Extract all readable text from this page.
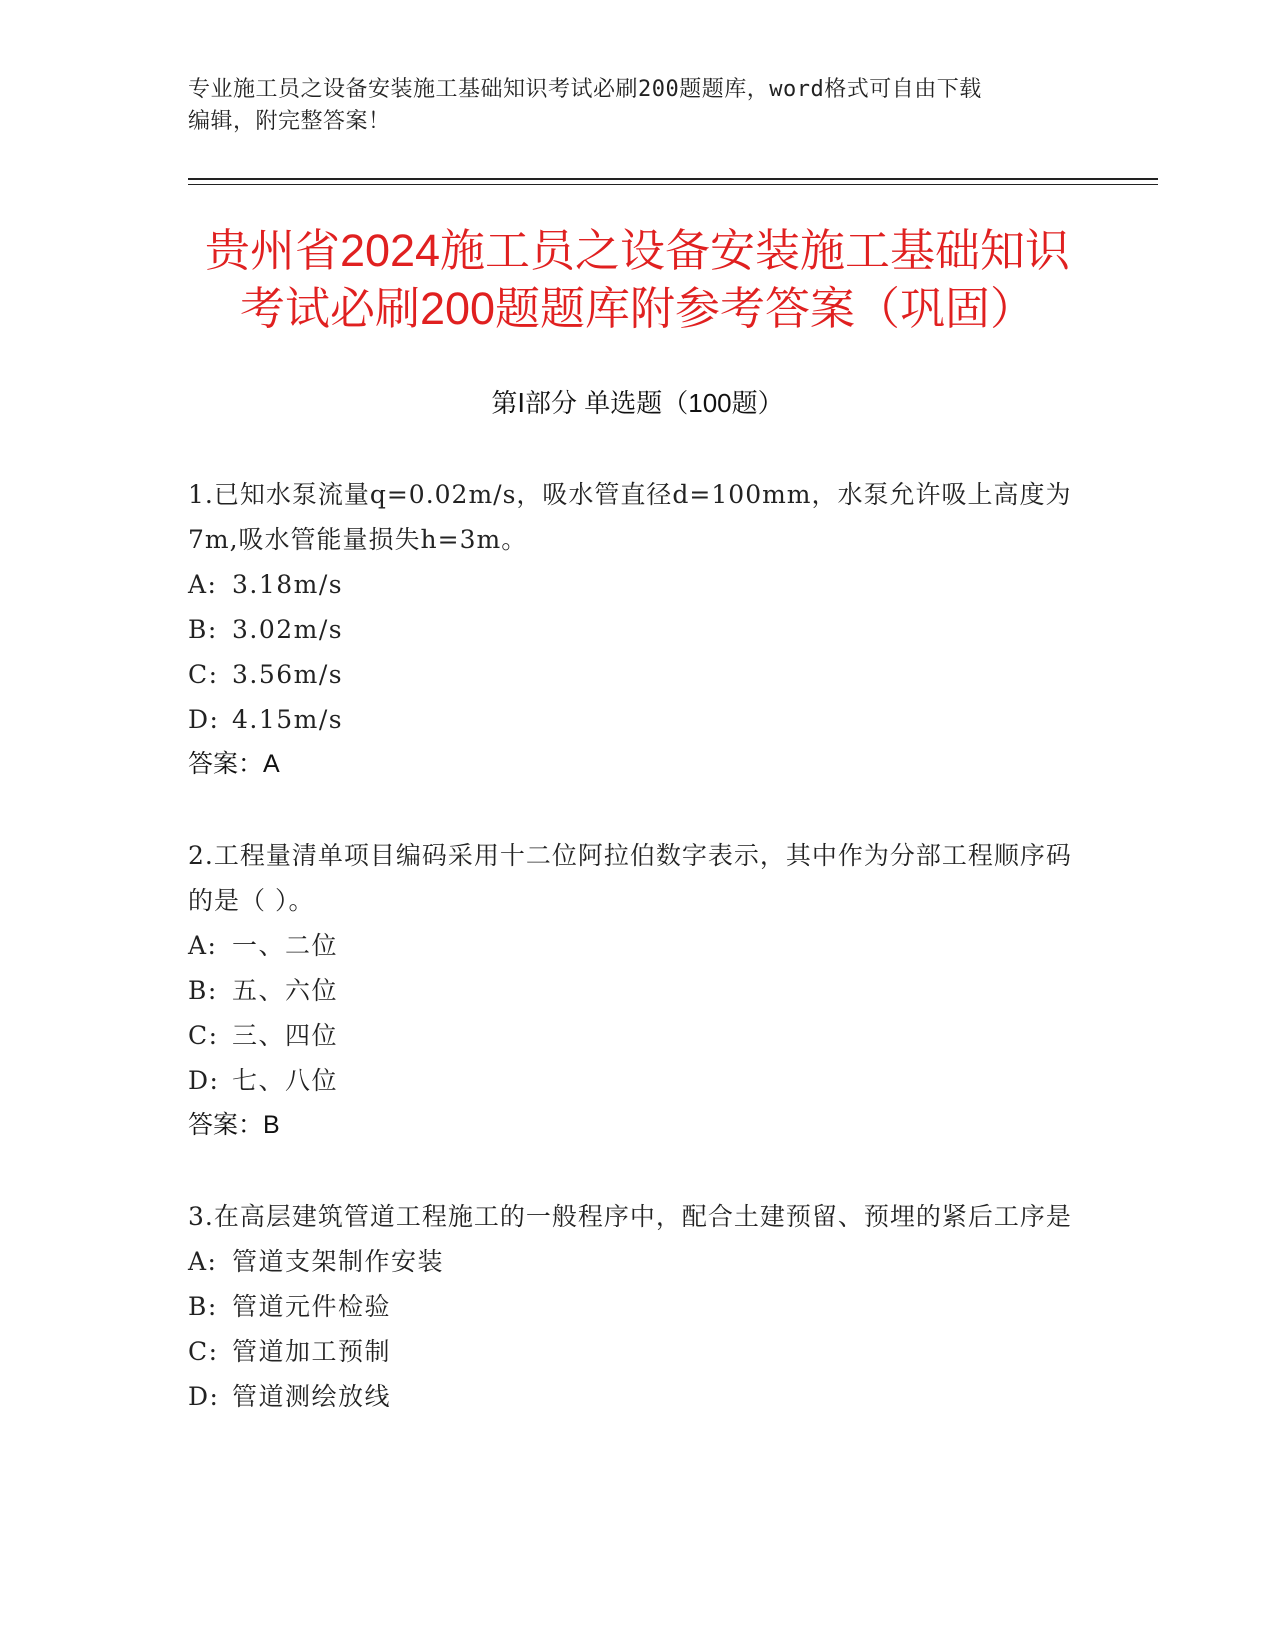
专业施工员之设备安装施工基础知识考试必刷200题题库，word格式可自由下载
编辑，附完整答案！
贵州省2024施工员之设备安装施工基础知识
考试必刷200题题库附参考答案（巩固）
第Ⅰ部分 单选题（100题）
1.已知水泵流量q=0.02m/s，吸水管直径d=100mm，水泵允许吸上高度为7m,吸水管能量损失h=3m。
A: 3.18m/s
B: 3.02m/s
C: 3.56m/s
D: 4.15m/s
答案：A
2.工程量清单项目编码采用十二位阿拉伯数字表示，其中作为分部工程顺序码的是（ ）。
A: 一、二位
B: 五、六位
C: 三、四位
D: 七、八位
答案：B
3.在高层建筑管道工程施工的一般程序中，配合土建预留、预埋的紧后工序是
A: 管道支架制作安装
B: 管道元件检验
C: 管道加工预制
D: 管道测绘放线
